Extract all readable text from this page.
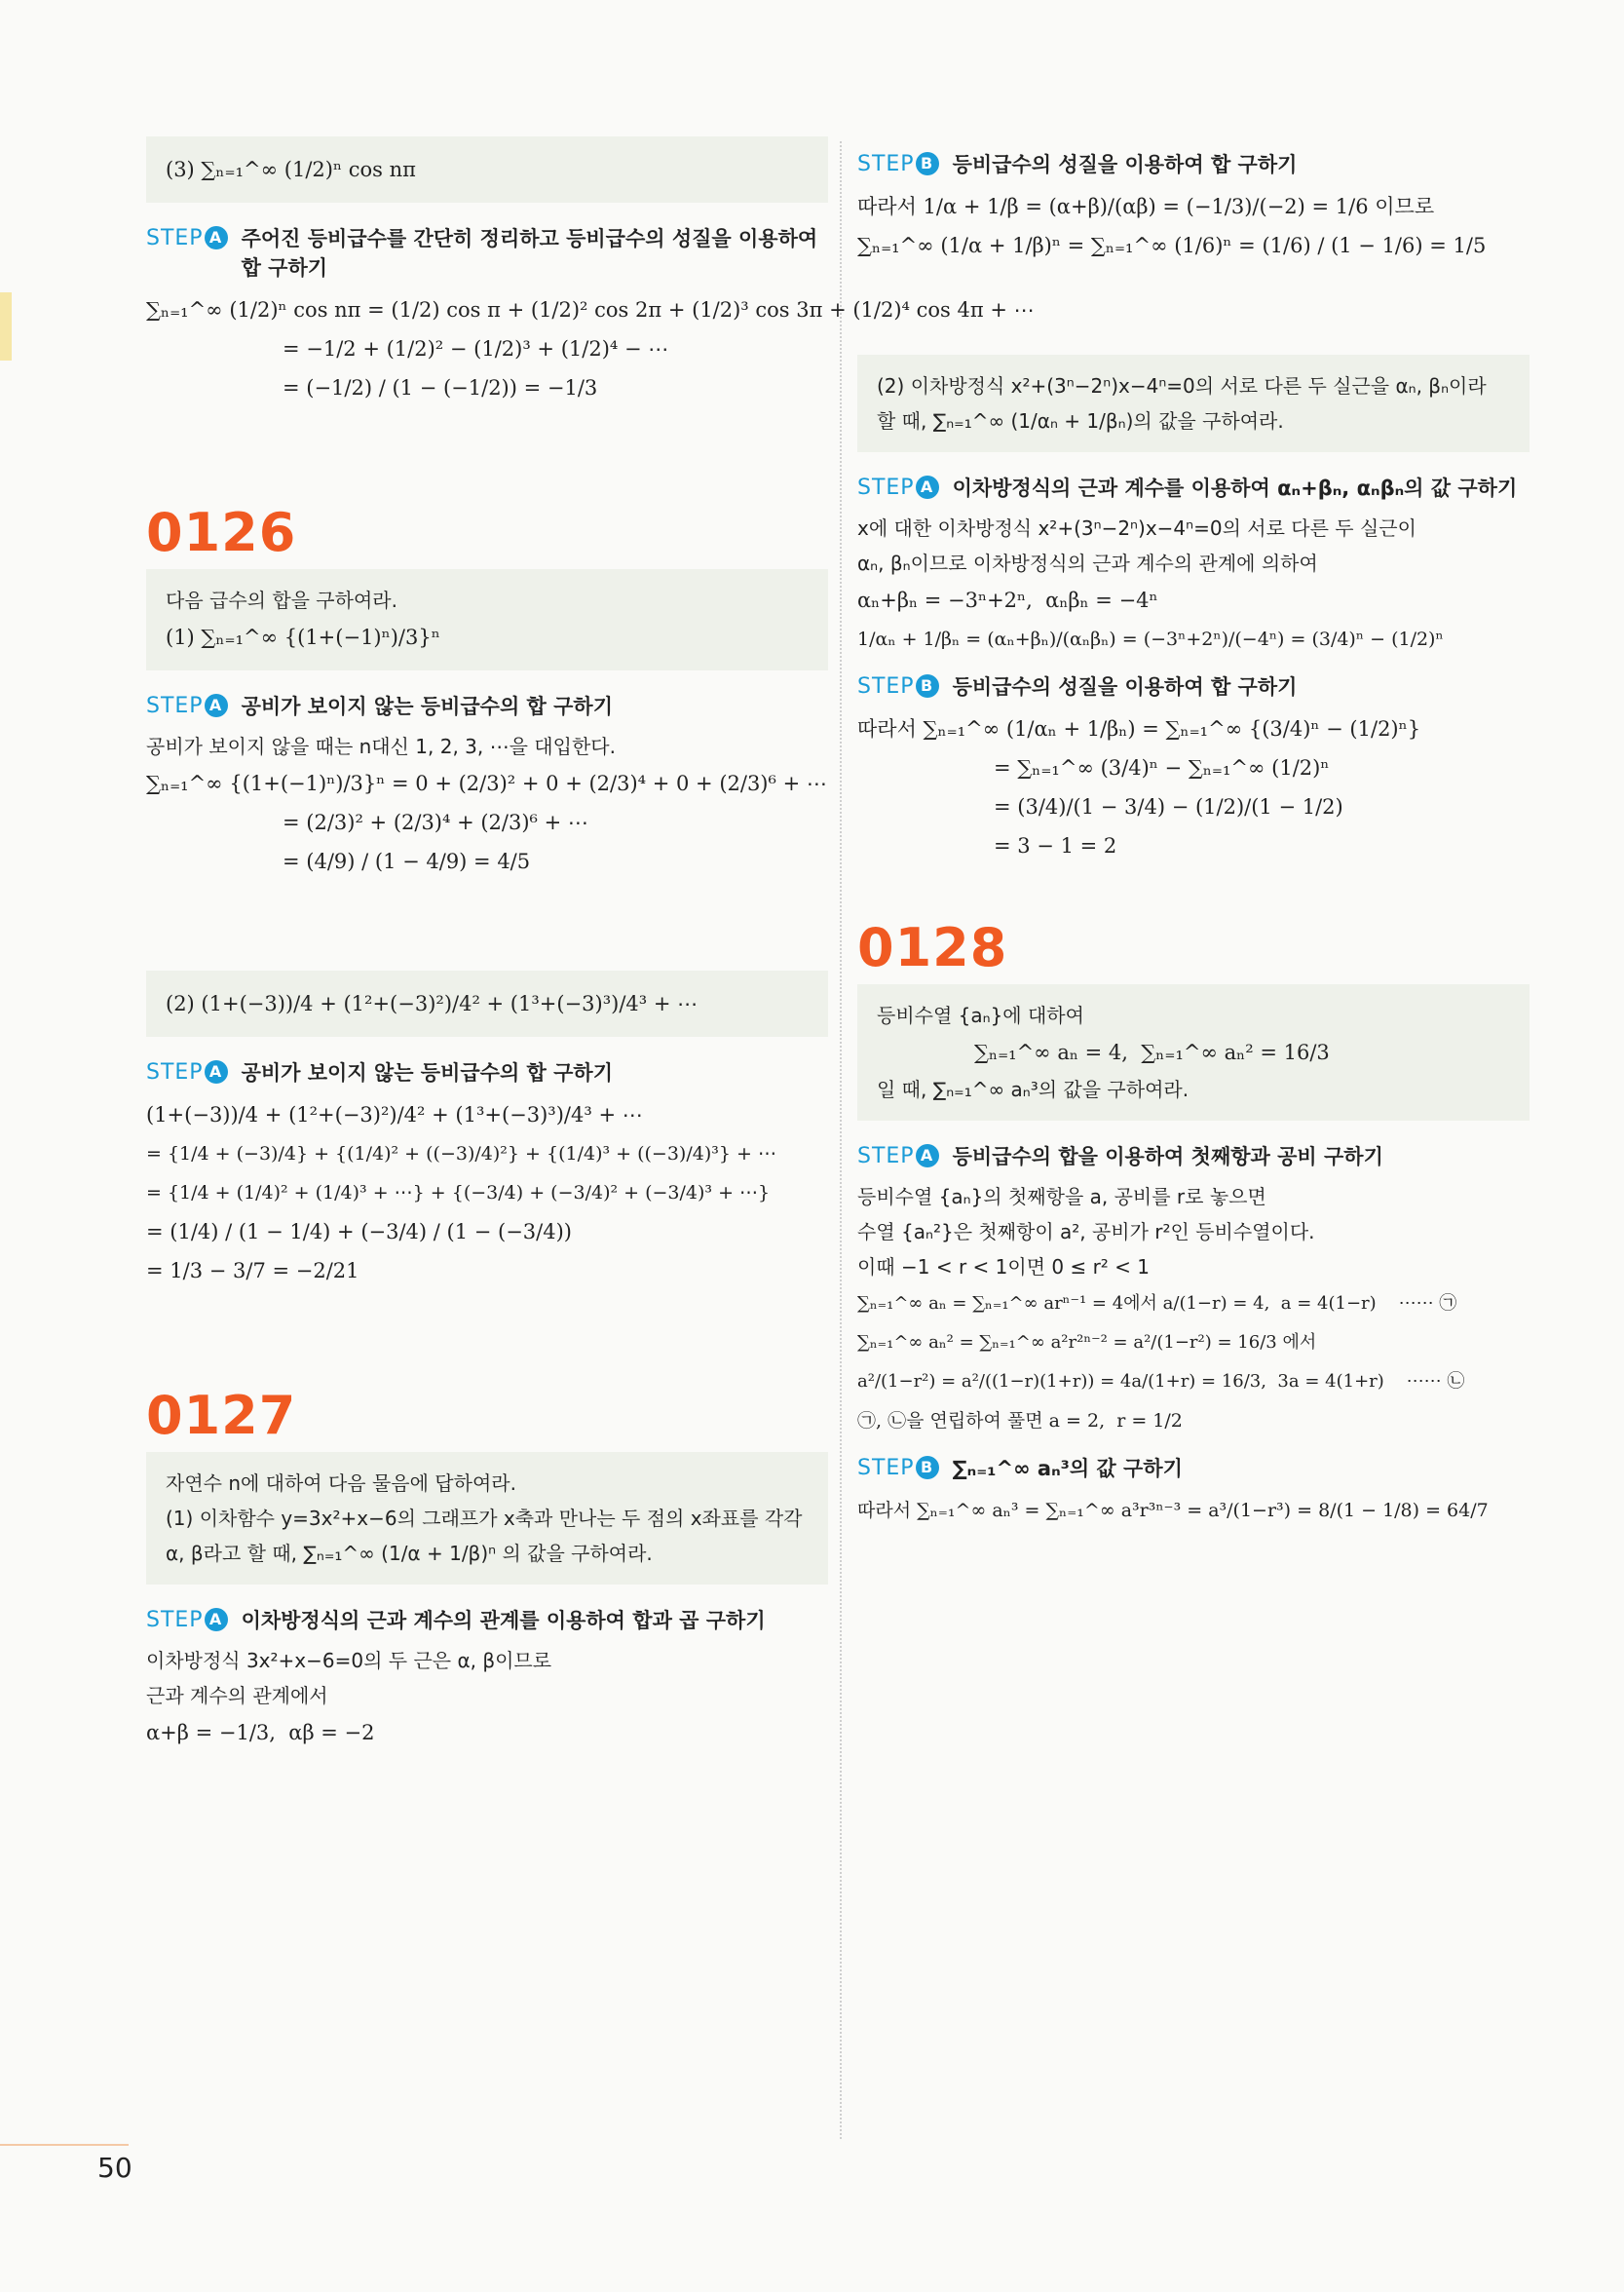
(3) ∑ₙ₌₁^∞ (1/2)ⁿ cos nπ
STEP A 주어진 등비급수를 간단히 정리하고 등비급수의 성질을 이용하여 합 구하기
∑ₙ₌₁^∞ (1/2)ⁿ cos nπ = (1/2) cos π + (1/2)² cos 2π + (1/2)³ cos 3π + (1/2)⁴ cos 4π + ⋯
= −1/2 + (1/2)² − (1/2)³ + (1/2)⁴ − ⋯
= (−1/2) / (1 − (−1/2)) = −1/3
0126
다음 급수의 합을 구하여라.
(1) ∑ₙ₌₁^∞ {(1+(−1)ⁿ)/3}ⁿ
STEP A 공비가 보이지 않는 등비급수의 합 구하기
공비가 보이지 않을 때는 n대신 1, 2, 3, ⋯을 대입한다.
∑ₙ₌₁^∞ {(1+(−1)ⁿ)/3}ⁿ = 0 + (2/3)² + 0 + (2/3)⁴ + 0 + (2/3)⁶ + ⋯
= (2/3)² + (2/3)⁴ + (2/3)⁶ + ⋯
= (4/9) / (1 − 4/9) = 4/5
(2) (1+(−3))/4 + (1²+(−3)²)/4² + (1³+(−3)³)/4³ + ⋯
STEP A 공비가 보이지 않는 등비급수의 합 구하기
(1+(−3))/4 + (1²+(−3)²)/4² + (1³+(−3)³)/4³ + ⋯
= {1/4 + (−3)/4} + {(1/4)² + ((−3)/4)²} + {(1/4)³ + ((−3)/4)³} + ⋯
= {1/4 + (1/4)² + (1/4)³ + ⋯} + {(−3/4) + (−3/4)² + (−3/4)³ + ⋯}
= (1/4) / (1 − 1/4) + (−3/4) / (1 − (−3/4))
= 1/3 − 3/7 = −2/21
0127
자연수 n에 대하여 다음 물음에 답하여라.
(1) 이차함수 y=3x²+x−6의 그래프가 x축과 만나는 두 점의 x좌표를 각각 α, β라고 할 때, ∑ₙ₌₁^∞ (1/α + 1/β)ⁿ 의 값을 구하여라.
STEP A 이차방정식의 근과 계수의 관계를 이용하여 합과 곱 구하기
이차방정식 3x²+x−6=0의 두 근은 α, β이므로
근과 계수의 관계에서
α+β = −1/3,  αβ = −2
STEP B 등비급수의 성질을 이용하여 합 구하기
따라서 1/α + 1/β = (α+β)/(αβ) = (−1/3)/(−2) = 1/6 이므로
∑ₙ₌₁^∞ (1/α + 1/β)ⁿ = ∑ₙ₌₁^∞ (1/6)ⁿ = (1/6) / (1 − 1/6) = 1/5
(2) 이차방정식 x²+(3ⁿ−2ⁿ)x−4ⁿ=0의 서로 다른 두 실근을 αₙ, βₙ이라 할 때, ∑ₙ₌₁^∞ (1/αₙ + 1/βₙ)의 값을 구하여라.
STEP A 이차방정식의 근과 계수를 이용하여 αₙ+βₙ, αₙβₙ의 값 구하기
x에 대한 이차방정식 x²+(3ⁿ−2ⁿ)x−4ⁿ=0의 서로 다른 두 실근이
αₙ, βₙ이므로 이차방정식의 근과 계수의 관계에 의하여
αₙ+βₙ = −3ⁿ+2ⁿ,  αₙβₙ = −4ⁿ
1/αₙ + 1/βₙ = (αₙ+βₙ)/(αₙβₙ) = (−3ⁿ+2ⁿ)/(−4ⁿ) = (3/4)ⁿ − (1/2)ⁿ
STEP B 등비급수의 성질을 이용하여 합 구하기
따라서 ∑ₙ₌₁^∞ (1/αₙ + 1/βₙ) = ∑ₙ₌₁^∞ {(3/4)ⁿ − (1/2)ⁿ}
= ∑ₙ₌₁^∞ (3/4)ⁿ − ∑ₙ₌₁^∞ (1/2)ⁿ
= (3/4)/(1 − 3/4) − (1/2)/(1 − 1/2)
= 3 − 1 = 2
0128
등비수열 {aₙ}에 대하여
∑ₙ₌₁^∞ aₙ = 4,  ∑ₙ₌₁^∞ aₙ² = 16/3
일 때, ∑ₙ₌₁^∞ aₙ³의 값을 구하여라.
STEP A 등비급수의 합을 이용하여 첫째항과 공비 구하기
등비수열 {aₙ}의 첫째항을 a, 공비를 r로 놓으면
수열 {aₙ²}은 첫째항이 a², 공비가 r²인 등비수열이다.
이때 −1 < r < 1이면 0 ≤ r² < 1
∑ₙ₌₁^∞ aₙ = ∑ₙ₌₁^∞ arⁿ⁻¹ = 4에서 a/(1−r) = 4,  a = 4(1−r)    ⋯⋯ ㉠
∑ₙ₌₁^∞ aₙ² = ∑ₙ₌₁^∞ a²r²ⁿ⁻² = a²/(1−r²) = 16/3 에서
a²/(1−r²) = a²/((1−r)(1+r)) = 4a/(1+r) = 16/3,  3a = 4(1+r)    ⋯⋯ ㉡
㉠, ㉡을 연립하여 풀면 a = 2,  r = 1/2
STEP B ∑ₙ₌₁^∞ aₙ³의 값 구하기
따라서 ∑ₙ₌₁^∞ aₙ³ = ∑ₙ₌₁^∞ a³r³ⁿ⁻³ = a³/(1−r³) = 8/(1 − 1/8) = 64/7
50
